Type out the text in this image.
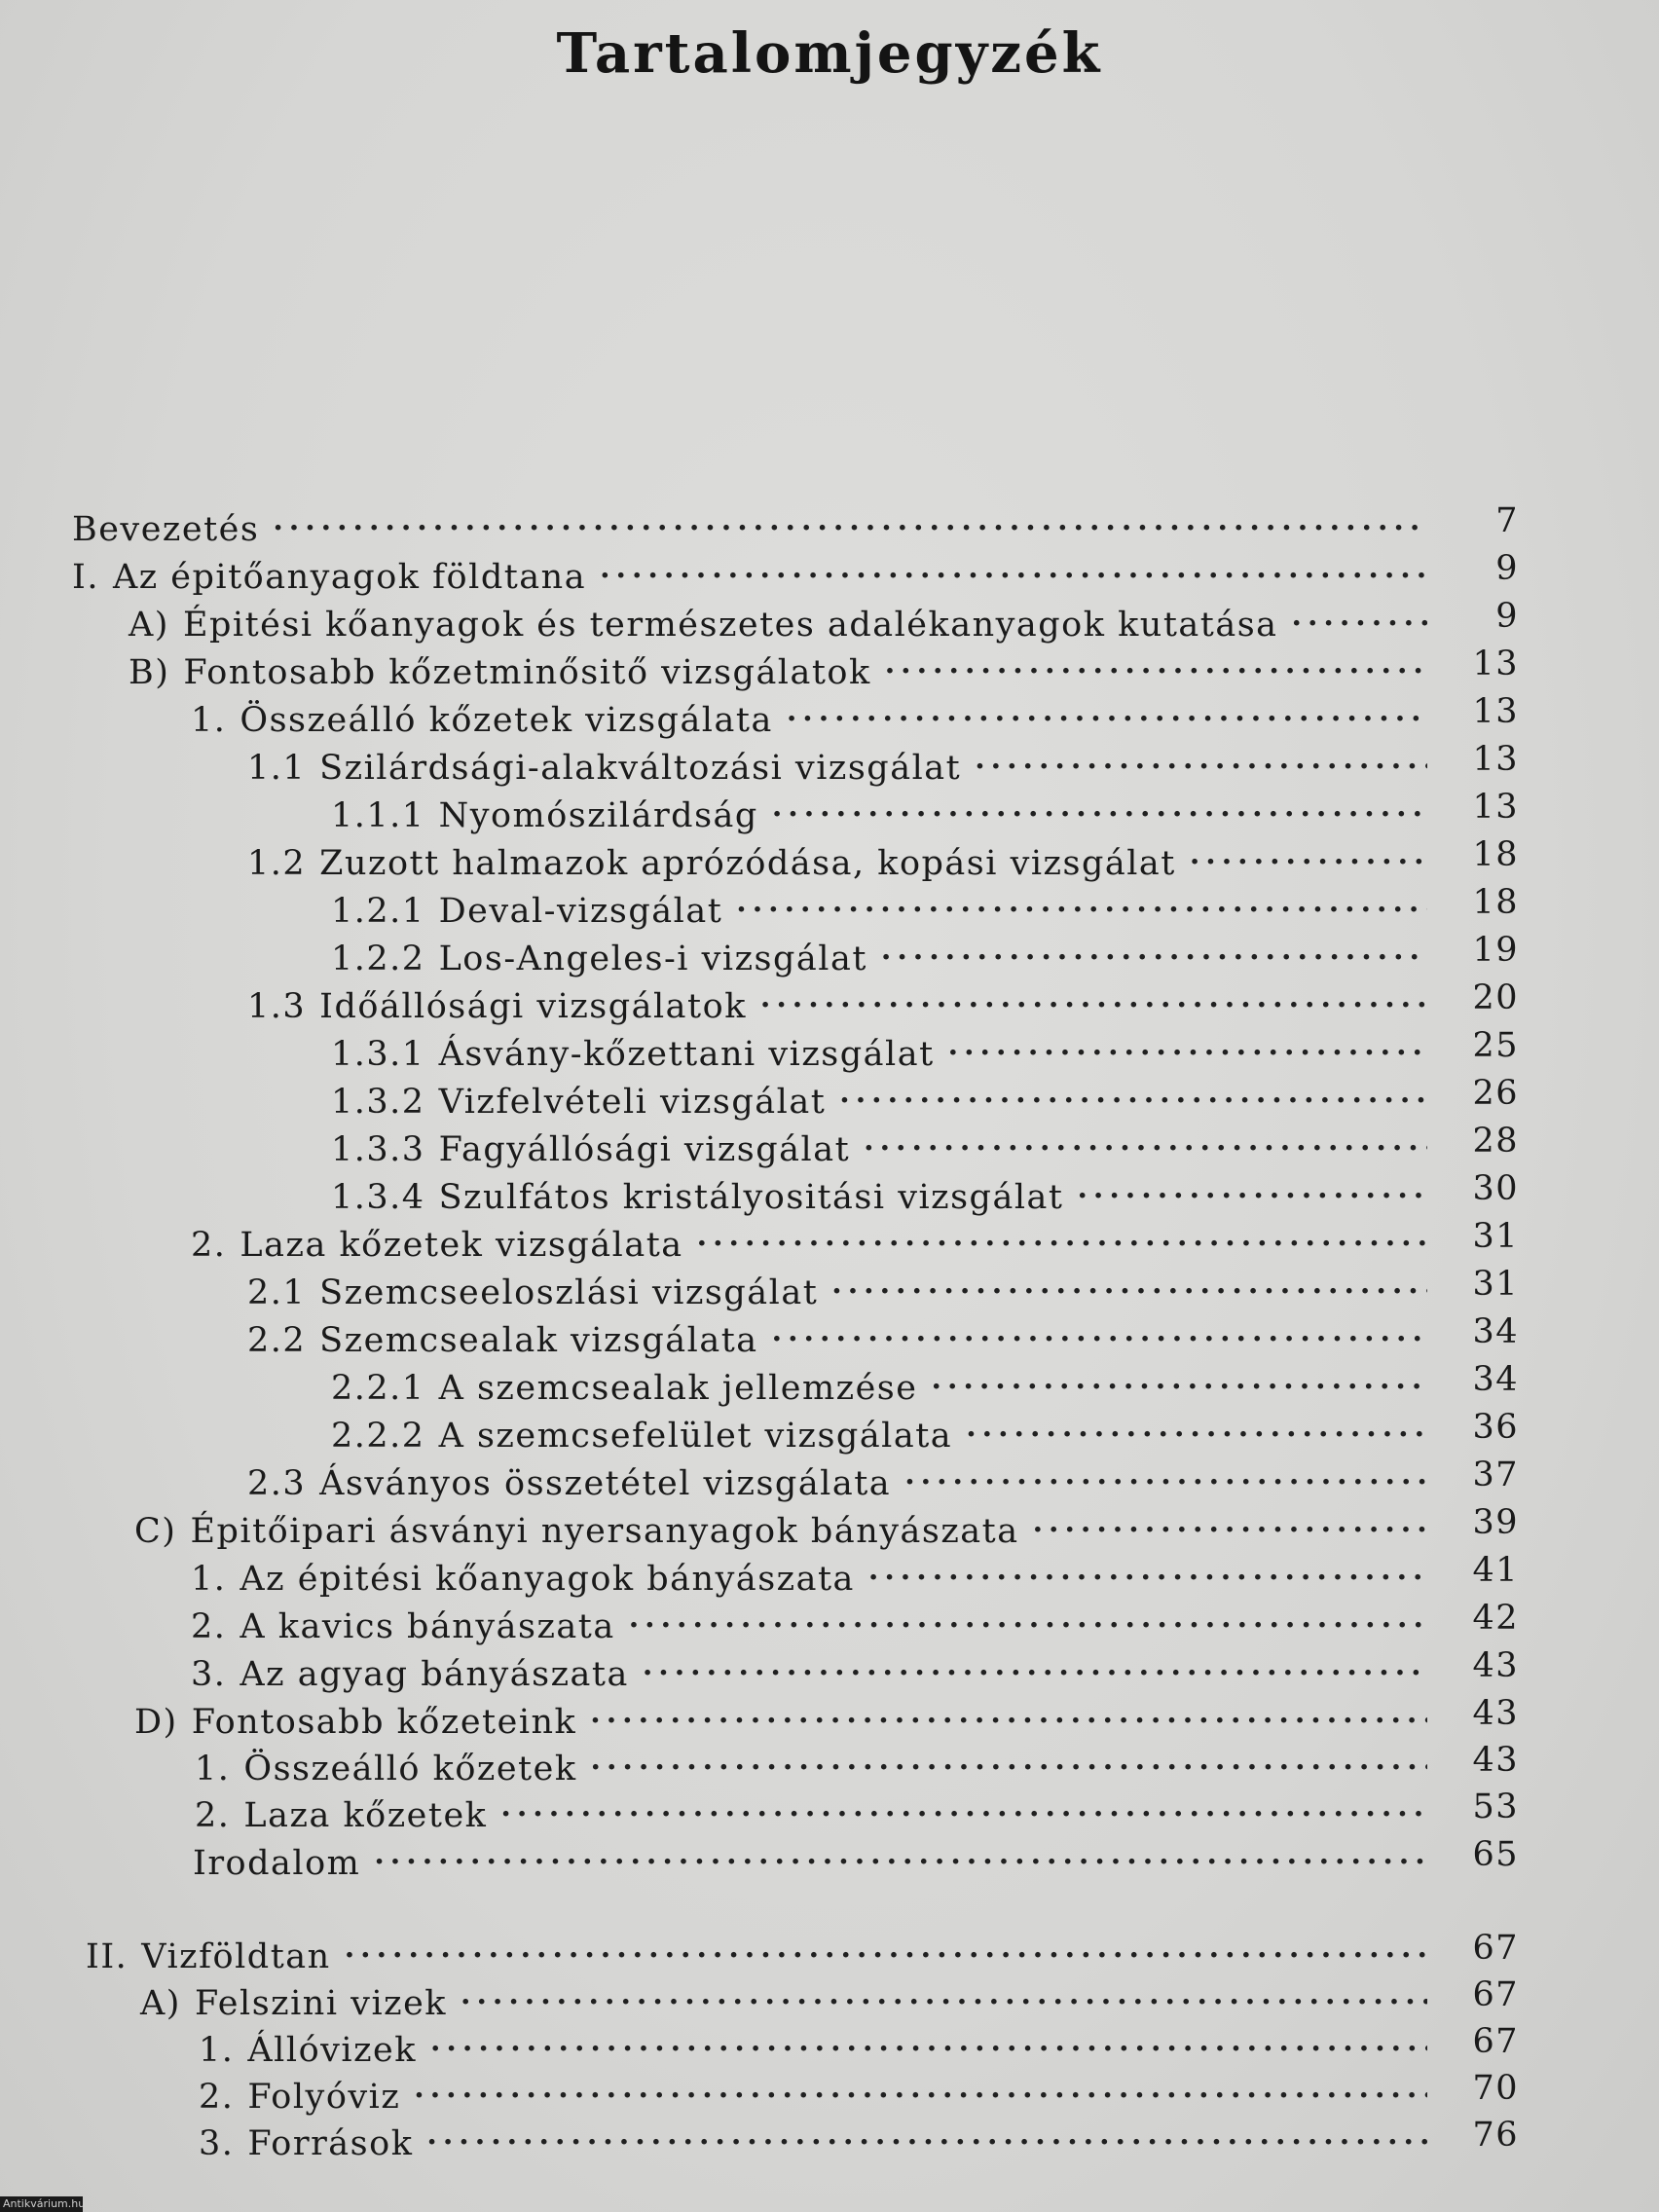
Tartalomjegyzék
Bevezetés .....	7
I. Az épitőanyagok földtana .....	9
A) Épitési kőanyagok és természetes adalékanyagok kutatása .....	9
B) Fontosabb kőzetminősitő vizsgálatok .....	13
1. Összeálló kőzetek vizsgálata .....	13
1.1 Szilárdsági-alakváltozási vizsgálat .....	13
1.1.1 Nyomószilárdság .....	13
1.2 Zuzott halmazok aprózódása, kopási vizsgálat .....	18
1.2.1 Deval-vizsgálat .....	18
1.2.2 Los-Angeles-i vizsgálat .....	19
1.3 Időállósági vizsgálatok .....	20
1.3.1 Ásvány-kőzettani vizsgálat .....	25
1.3.2 Vizfelvételi vizsgálat .....	26
1.3.3 Fagyállósági vizsgálat .....	28
1.3.4 Szulfátos kristályositási vizsgálat .....	30
2. Laza kőzetek vizsgálata .....	31
2.1 Szemcseeloszlási vizsgálat .....	31
2.2 Szemcsealak vizsgálata .....	34
2.2.1 A szemcsealak jellemzése .....	34
2.2.2 A szemcsefelület vizsgálata .....	36
2.3 Ásványos összetétel vizsgálata .....	37
C) Épitőipari ásványi nyersanyagok bányászata .....	39
1. Az épitési kőanyagok bányászata .....	41
2. A kavics bányászata .....	42
3. Az agyag bányászata .....	43
D) Fontosabb kőzeteink .....	43
1. Összeálló kőzetek .....	43
2. Laza kőzetek .....	53
Irodalom .....	65
II. Vizföldtan .....	67
A) Felszini vizek .....	67
1. Állóvizek .....	67
2. Folyóviz .....	70
3. Források .....	76
Antikvárium.hu
